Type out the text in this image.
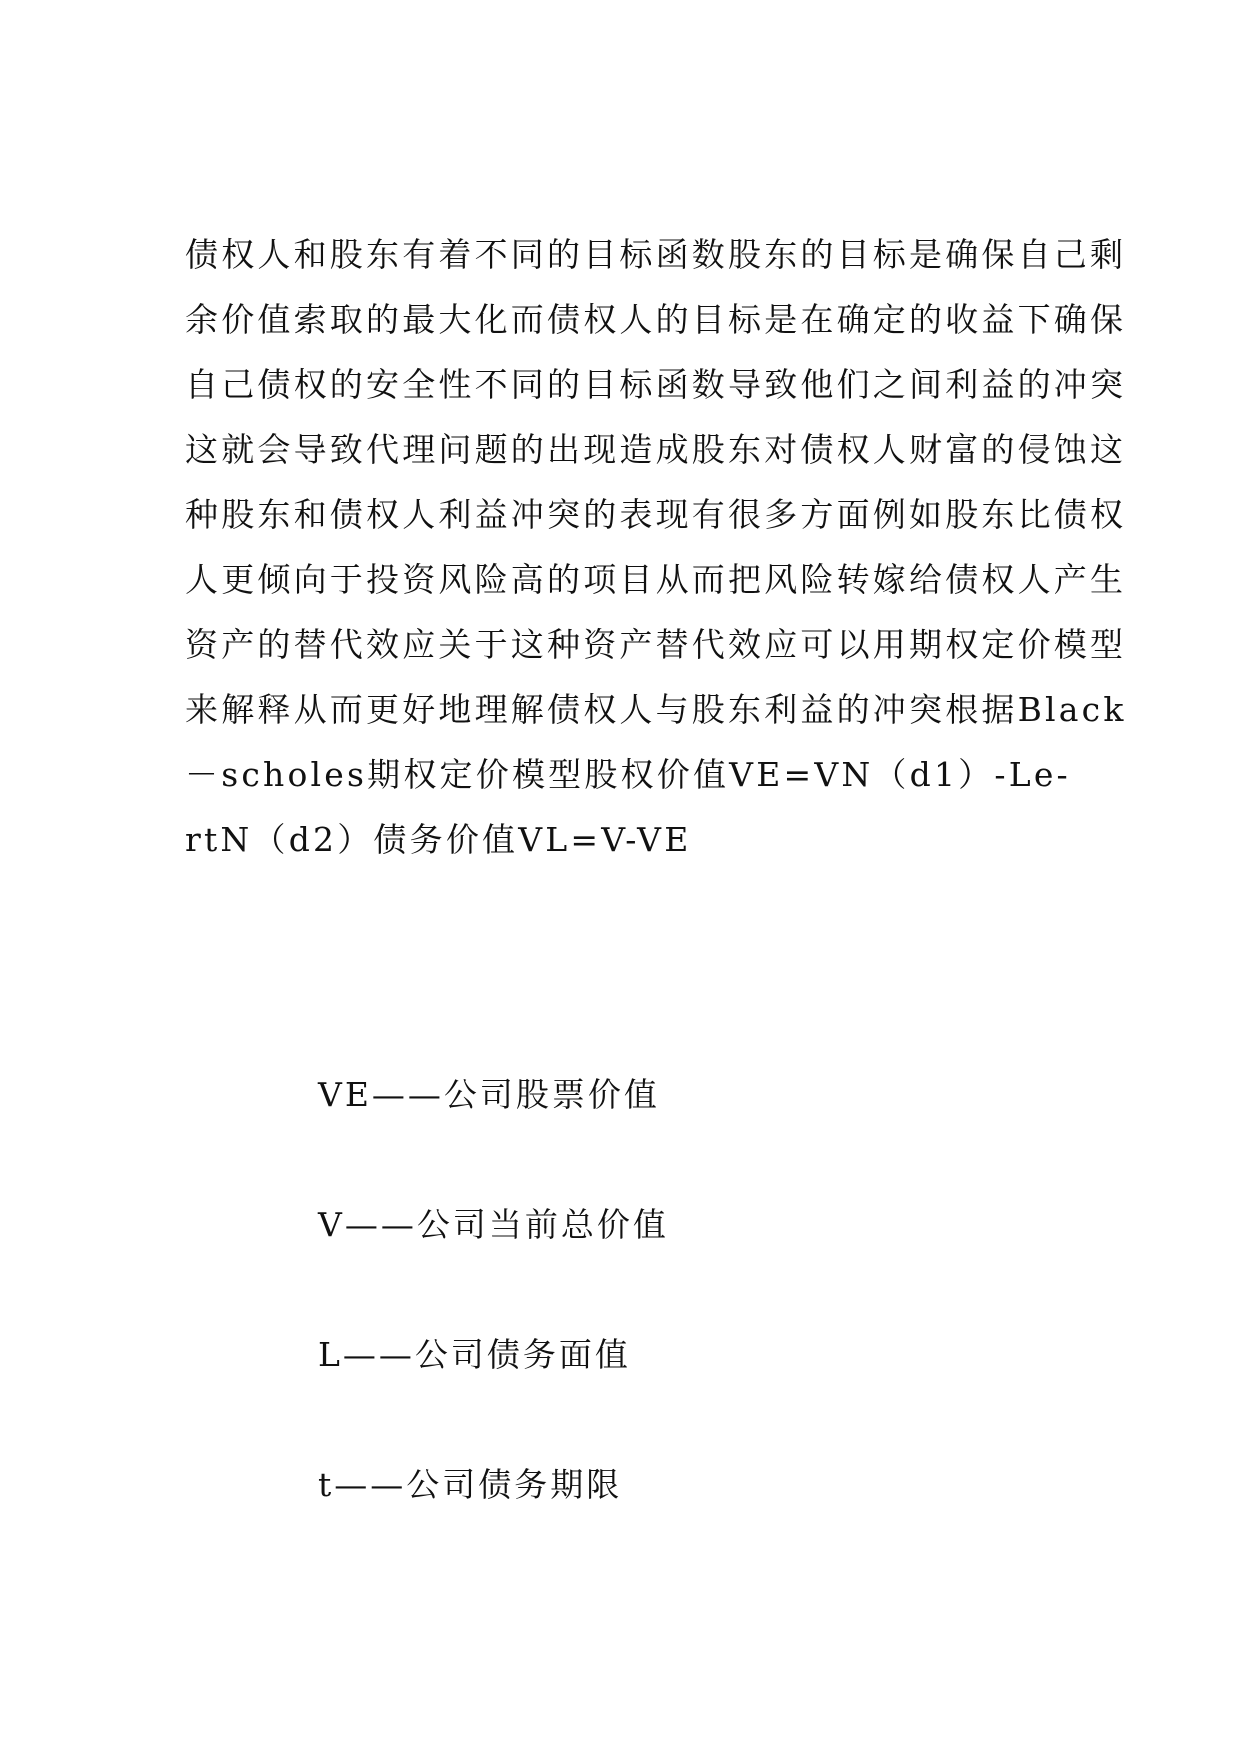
债权人和股东有着不同的目标函数股东的目标是确保自己剩
余价值索取的最大化而债权人的目标是在确定的收益下确保
自己债权的安全性不同的目标函数导致他们之间利益的冲突
这就会导致代理问题的出现造成股东对债权人财富的侵蚀这
种股东和债权人利益冲突的表现有很多方面例如股东比债权
人更倾向于投资风险高的项目从而把风险转嫁给债权人产生
资产的替代效应关于这种资产替代效应可以用期权定价模型
来解释从而更好地理解债权人与股东利益的冲突根据Black
－scholes期权定价模型股权价值VE=VN（d1）-Le-
rtN（d2）债务价值VL=V-VE
VE——公司股票价值
V——公司当前总价值
L——公司债务面值
t——公司债务期限
